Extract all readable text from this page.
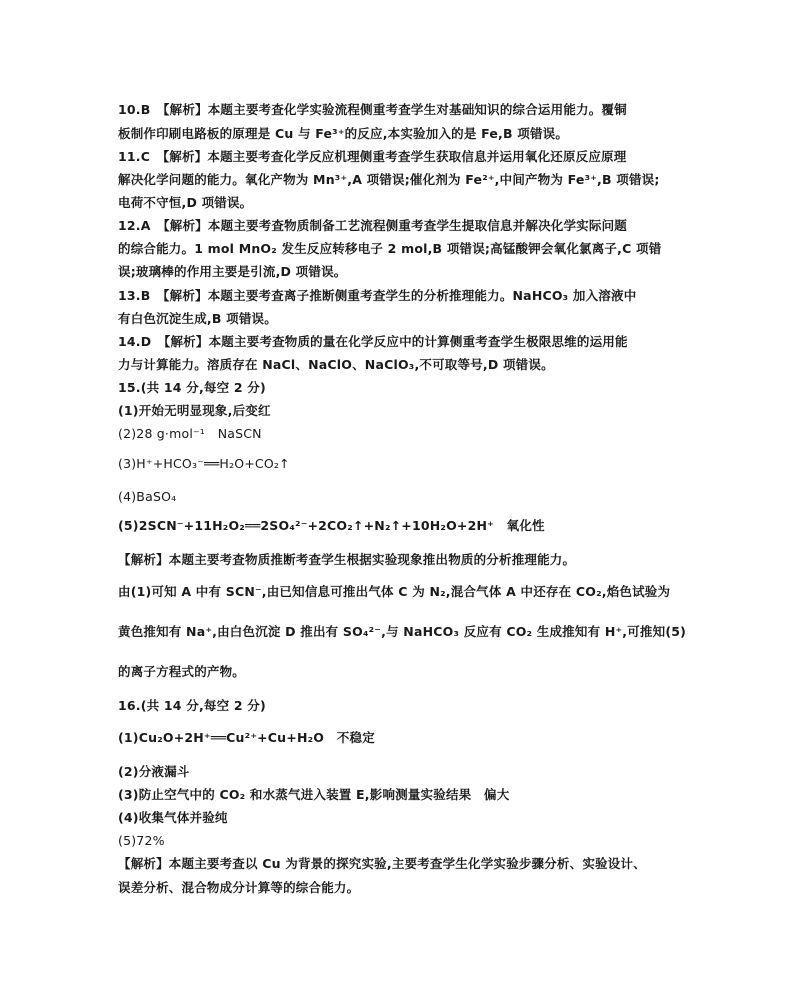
10.B　【解析】本题主要考查化学实验流程侧重考查学生对基础知识的综合运用能力。覆铜
板制作印刷电路板的原理是 Cu 与 Fe³⁺的反应,本实验加入的是 Fe,B 项错误。
11.C　【解析】本题主要考查化学反应机理侧重考查学生获取信息并运用氧化还原反应原理
解决化学问题的能力。氧化产物为 Mn³⁺,A 项错误;催化剂为 Fe²⁺,中间产物为 Fe³⁺,B 项错误;
电荷不守恒,D 项错误。
12.A　【解析】本题主要考查物质制备工艺流程侧重考查学生提取信息并解决化学实际问题
的综合能力。1 mol MnO₂ 发生反应转移电子 2 mol,B 项错误;高锰酸钾会氧化氯离子,C 项错
误;玻璃棒的作用主要是引流,D 项错误。
13.B　【解析】本题主要考查离子推断侧重考查学生的分析推理能力。NaHCO₃ 加入溶液中
有白色沉淀生成,B 项错误。
14.D　【解析】本题主要考查物质的量在化学反应中的计算侧重考查学生极限思维的运用能
力与计算能力。溶质存在 NaCl、NaClO、NaClO₃,不可取等号,D 项错误。
15.(共 14 分,每空 2 分)
(1)开始无明显现象,后变红
(2)28 g·mol⁻¹　NaSCN
(3)H⁺+HCO₃⁻══H₂O+CO₂↑
(4)BaSO₄
(5)2SCN⁻+11H₂O₂══2SO₄²⁻+2CO₂↑+N₂↑+10H₂O+2H⁺　氧化性
【解析】本题主要考查物质推断考查学生根据实验现象推出物质的分析推理能力。
由(1)可知 A 中有 SCN⁻,由已知信息可推出气体 C 为 N₂,混合气体 A 中还存在 CO₂,焰色试验为
黄色推知有 Na⁺,由白色沉淀 D 推出有 SO₄²⁻,与 NaHCO₃ 反应有 CO₂ 生成推知有 H⁺,可推知(5)
的离子方程式的产物。
16.(共 14 分,每空 2 分)
(1)Cu₂O+2H⁺══Cu²⁺+Cu+H₂O　不稳定
(2)分液漏斗
(3)防止空气中的 CO₂ 和水蒸气进入装置 E,影响测量实验结果　偏大
(4)收集气体并验纯
(5)72%
【解析】本题主要考查以 Cu 为背景的探究实验,主要考查学生化学实验步骤分析、实验设计、
误差分析、混合物成分计算等的综合能力。
